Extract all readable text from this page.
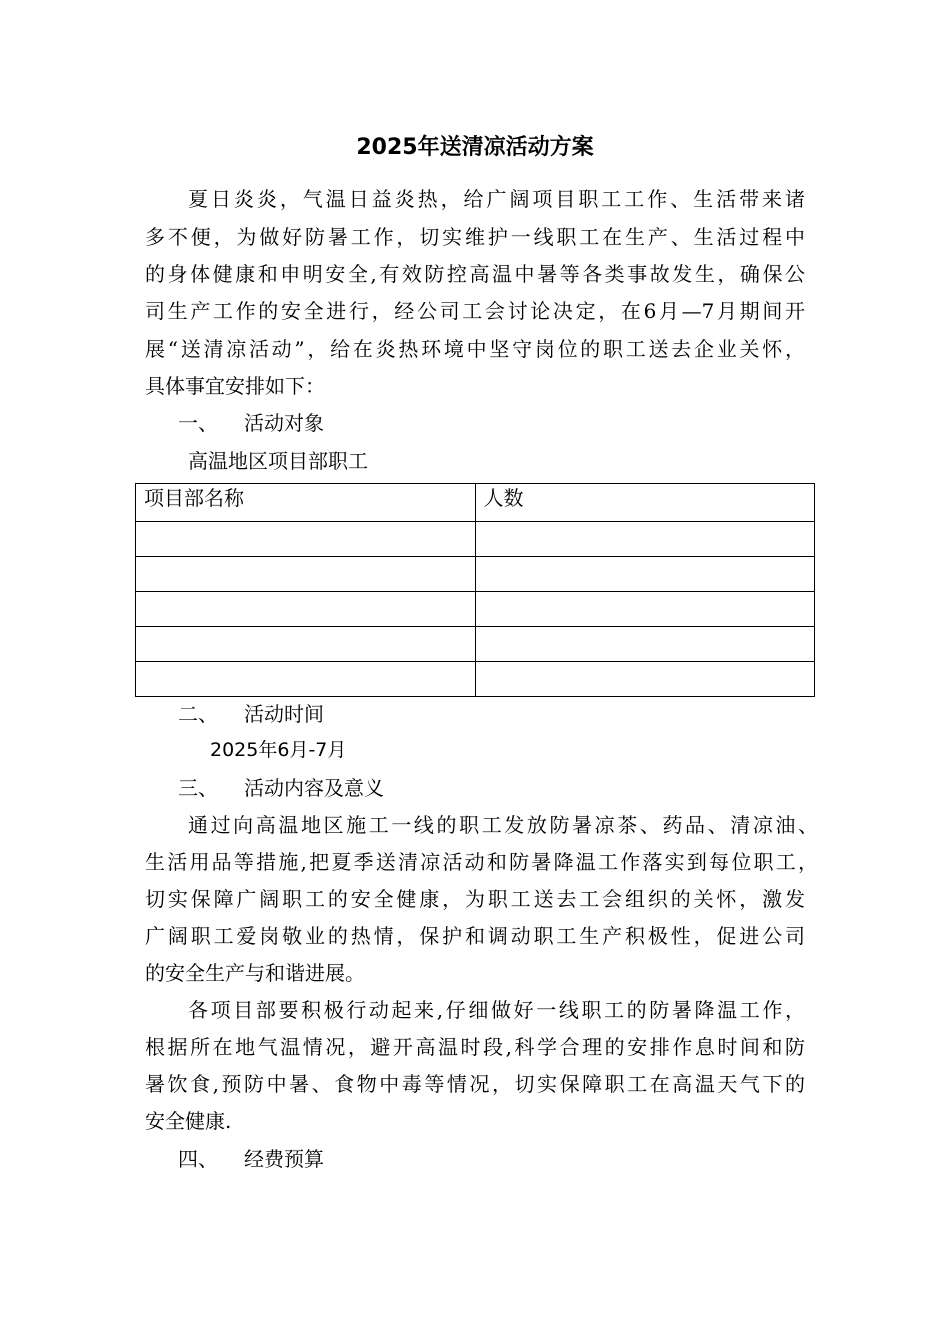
2025年送清凉活动方案
夏日炎炎，气温日益炎热，给广阔项目职工工作、生活带来诸
多不便，为做好防暑工作，切实维护一线职工在生产、生活过程中
的身体健康和申明安全,有效防控高温中暑等各类事故发生，确保公
司生产工作的安全进行，经公司工会讨论决定，在6月—7月期间开
展“送清凉活动”，给在炎热环境中坚守岗位的职工送去企业关怀，
具体事宜安排如下：
一、 活动对象
高温地区项目部职工
项目部名称	人数

二、 活动时间
2025年6月-7月
三、 活动内容及意义
通过向高温地区施工一线的职工发放防暑凉茶、药品、清凉油、
生活用品等措施,把夏季送清凉活动和防暑降温工作落实到每位职工，
切实保障广阔职工的安全健康，为职工送去工会组织的关怀，激发
广阔职工爱岗敬业的热情，保护和调动职工生产积极性，促进公司
的安全生产与和谐进展。
各项目部要积极行动起来,仔细做好一线职工的防暑降温工作，
根据所在地气温情况，避开高温时段,科学合理的安排作息时间和防
暑饮食,预防中暑、食物中毒等情况，切实保障职工在高温天气下的
安全健康.
四、 经费预算
